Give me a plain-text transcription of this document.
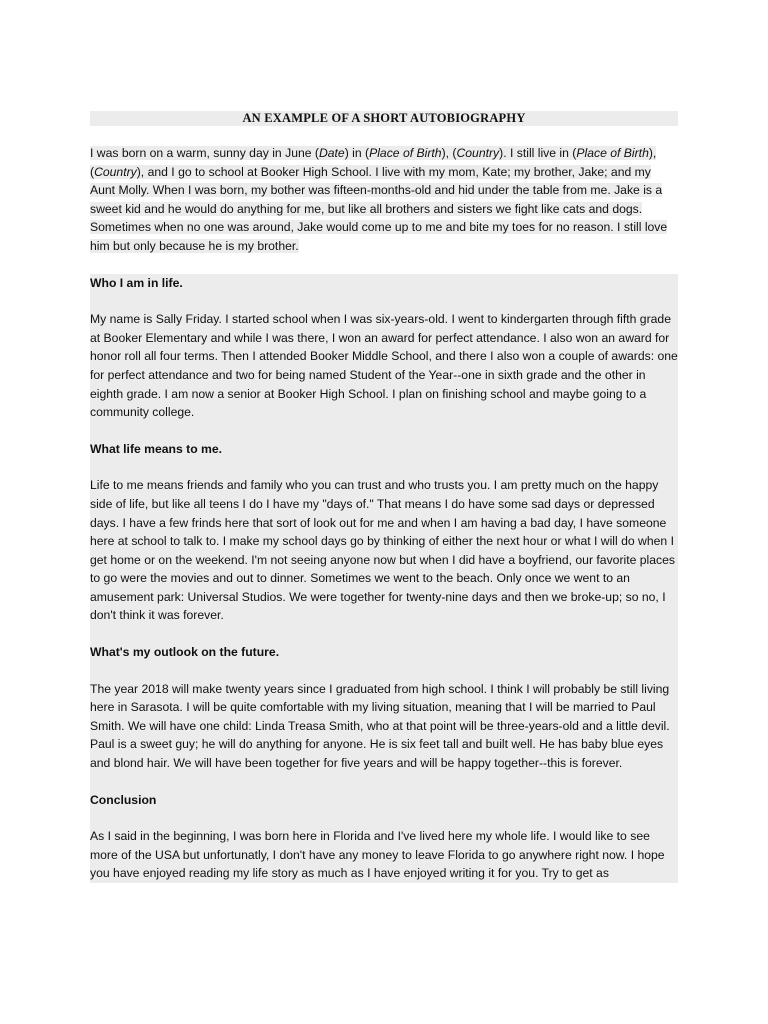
AN EXAMPLE OF A SHORT AUTOBIOGRAPHY

I was born on a warm, sunny day in June (Date) in (Place of Birth), (Country). I still live in (Place of Birth), (Country), and I go to school at Booker High School. I live with my mom, Kate; my brother, Jake; and my Aunt Molly. When I was born, my bother was fifteen-months-old and hid under the table from me. Jake is a sweet kid and he would do anything for me, but like all brothers and sisters we fight like cats and dogs. Sometimes when no one was around, Jake would come up to me and bite my toes for no reason. I still love him but only because he is my brother.

Who I am in life.

My name is Sally Friday. I started school when I was six-years-old. I went to kindergarten through fifth grade at Booker Elementary and while I was there, I won an award for perfect attendance. I also won an award for honor roll all four terms. Then I attended Booker Middle School, and there I also won a couple of awards: one for perfect attendance and two for being named Student of the Year--one in sixth grade and the other in eighth grade. I am now a senior at Booker High School. I plan on finishing school and maybe going to a community college.

What life means to me.

Life to me means friends and family who you can trust and who trusts you. I am pretty much on the happy side of life, but like all teens I do I have my "days of." That means I do have some sad days or depressed days. I have a few frinds here that sort of look out for me and when I am having a bad day, I have someone here at school to talk to. I make my school days go by thinking of either the next hour or what I will do when I get home or on the weekend. I'm not seeing anyone now but when I did have a boyfriend, our favorite places to go were the movies and out to dinner. Sometimes we went to the beach. Only once we went to an amusement park: Universal Studios. We were together for twenty-nine days and then we broke-up; so no, I don't think it was forever.

What's my outlook on the future.

The year 2018 will make twenty years since I graduated from high school. I think I will probably be still living here in Sarasota. I will be quite comfortable with my living situation, meaning that I will be married to Paul Smith. We will have one child: Linda Treasa Smith, who at that point will be three-years-old and a little devil. Paul is a sweet guy; he will do anything for anyone. He is six feet tall and built well. He has baby blue eyes and blond hair. We will have been together for five years and will be happy together--this is forever.

Conclusion

As I said in the beginning, I was born here in Florida and I've lived here my whole life. I would like to see more of the USA but unfortunatly, I don't have any money to leave Florida to go anywhere right now. I hope you have enjoyed reading my life story as much as I have enjoyed writing it for you. Try to get as
